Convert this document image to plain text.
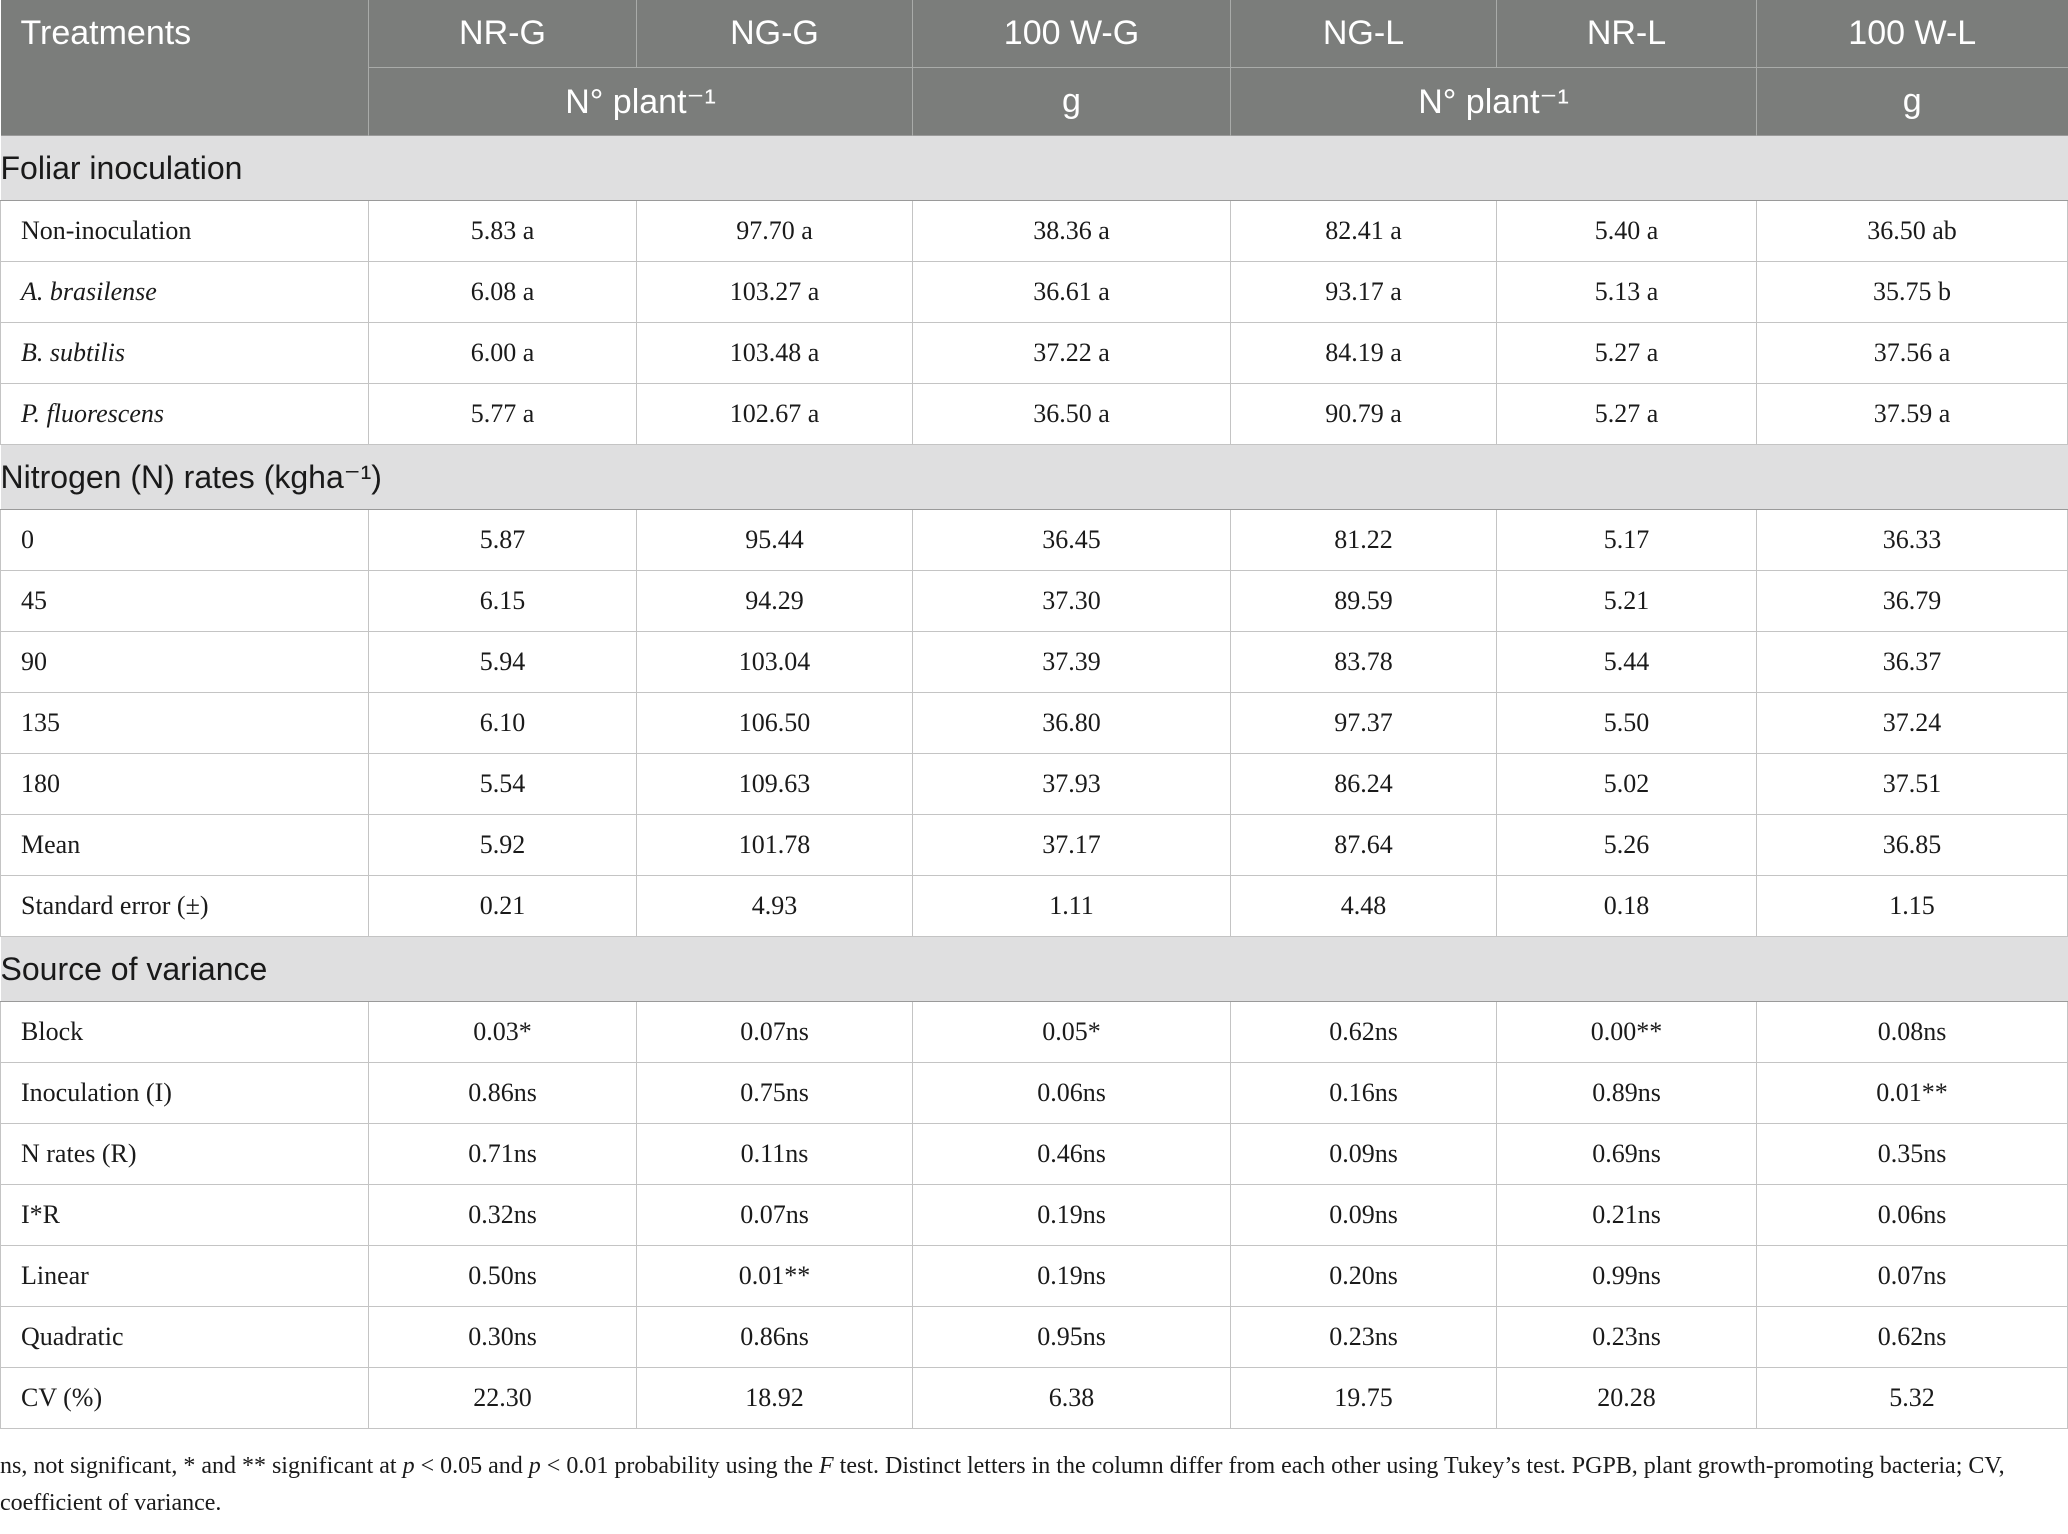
Treatments	NR-G	NG-G	100 W-G	NG-L	NR-L	100 W-L
	N° plant⁻¹		g	N° plant⁻¹		g
Foliar inoculation						
Non-inoculation	5.83 a	97.70 a	38.36 a	82.41 a	5.40 a	36.50 ab
A. brasilense	6.08 a	103.27 a	36.61 a	93.17 a	5.13 a	35.75 b
B. subtilis	6.00 a	103.48 a	37.22 a	84.19 a	5.27 a	37.56 a
P. fluorescens	5.77 a	102.67 a	36.50 a	90.79 a	5.27 a	37.59 a
Nitrogen (N) rates (kgha⁻¹)						
0	5.87	95.44	36.45	81.22	5.17	36.33
45	6.15	94.29	37.30	89.59	5.21	36.79
90	5.94	103.04	37.39	83.78	5.44	36.37
135	6.10	106.50	36.80	97.37	5.50	37.24
180	5.54	109.63	37.93	86.24	5.02	37.51
Mean	5.92	101.78	37.17	87.64	5.26	36.85
Standard error (±)	0.21	4.93	1.11	4.48	0.18	1.15
Source of variance						
Block	0.03*	0.07ns	0.05*	0.62ns	0.00**	0.08ns
Inoculation (I)	0.86ns	0.75ns	0.06ns	0.16ns	0.89ns	0.01**
N rates (R)	0.71ns	0.11ns	0.46ns	0.09ns	0.69ns	0.35ns
I*R	0.32ns	0.07ns	0.19ns	0.09ns	0.21ns	0.06ns
Linear	0.50ns	0.01**	0.19ns	0.20ns	0.99ns	0.07ns
Quadratic	0.30ns	0.86ns	0.95ns	0.23ns	0.23ns	0.62ns
CV (%)	22.30	18.92	6.38	19.75	20.28	5.32
ns, not significant, * and ** significant at p < 0.05 and p < 0.01 probability using the F test. Distinct letters in the column differ from each other using Tukey’s test. PGPB, plant growth-promoting bacteria; CV, coefficient of variance.
